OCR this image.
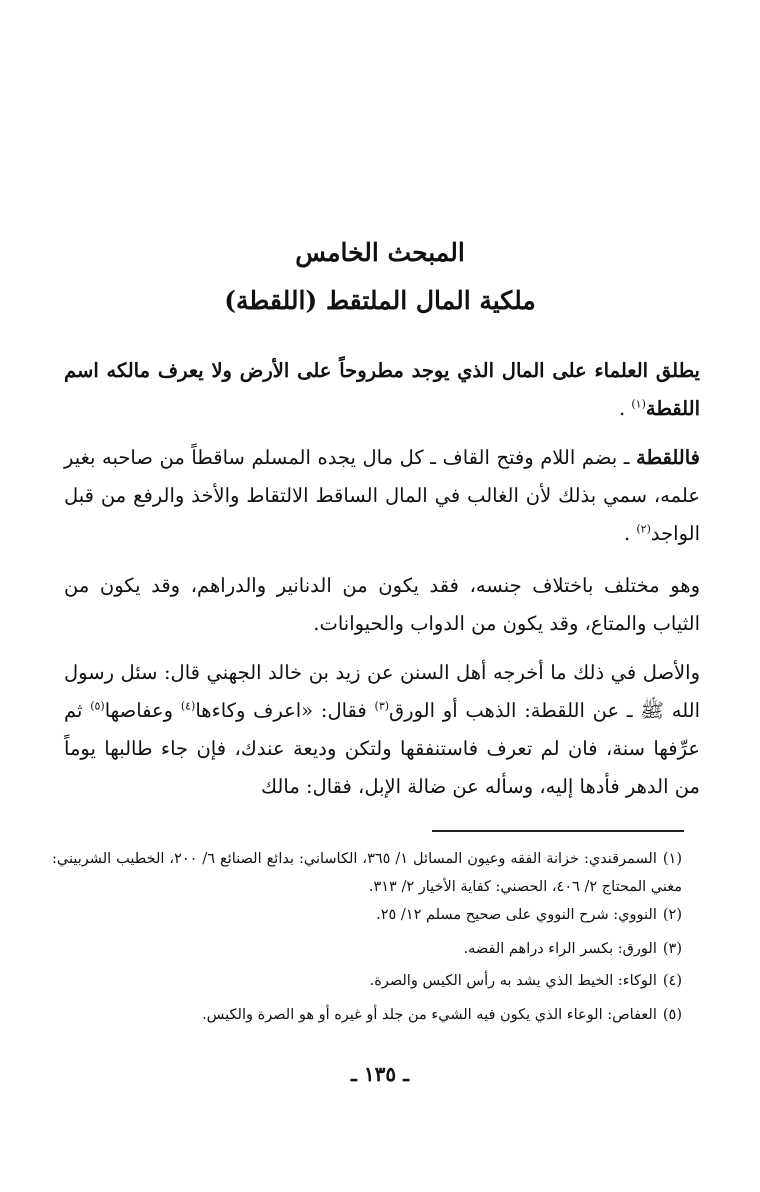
المبحث الخامس
ملكية المال الملتقط (اللقطة)
يطلق العلماء على المال الذي يوجد مطروحاً على الأرض ولا يعرف مالكه اسم اللقطة$^{(١)}$ .
فاللقطة ـ بضم اللام وفتح القاف ـ كل مال يجده المسلم ساقطاً من صاحبه بغير علمه، سمي بذلك لأن الغالب في المال الساقط الالتقاط والأخذ والرفع من قبل الواجد$^{(٢)}$ .
وهو مختلف باختلاف جنسه، فقد يكون من الدنانير والدراهم، وقد يكون من الثياب والمتاع، وقد يكون من الدواب والحيوانات.
والأصل في ذلك ما أخرجه أهل السنن عن زيد بن خالد الجهني قال: سئل رسول الله ﷺ ـ عن اللقطة: الذهب أو الورق$^{(٣)}$ فقال: «اعرف وكاءها$^{(٤)}$ وعفاصها$^{(٥)}$ ثم عرِّفها سنة، فان لم تعرف فاستنفقها ولتكن وديعة عندك، فإن جاء طالبها يوماً من الدهر فأدها إليه، وسأله عن ضالة الإبل، فقال: مالك
(١)السمرقندي: خزانة الفقه وعيون المسائل ١/ ٣٦٥، الكاساني: بدائع الصنائع ٦/ ٢٠٠، الخطيب الشربيني: مغني المحتاج ٢/ ٤٠٦، الحصني: كفاية الأخيار ٢/ ٣١٣.
(٢)النووي: شرح النووي على صحيح مسلم ١٢/ ٢٥.
(٣)الورق: بكسر الراء دراهم الفضه.
(٤)الوكاء: الخيط الذي يشد به رأس الكيس والصرة.
(٥)العفاص: الوعاء الذي يكون فيه الشيء من جلد أو غيره أو هو الصرة والكيس.
ـ ١٣٥ ـ
